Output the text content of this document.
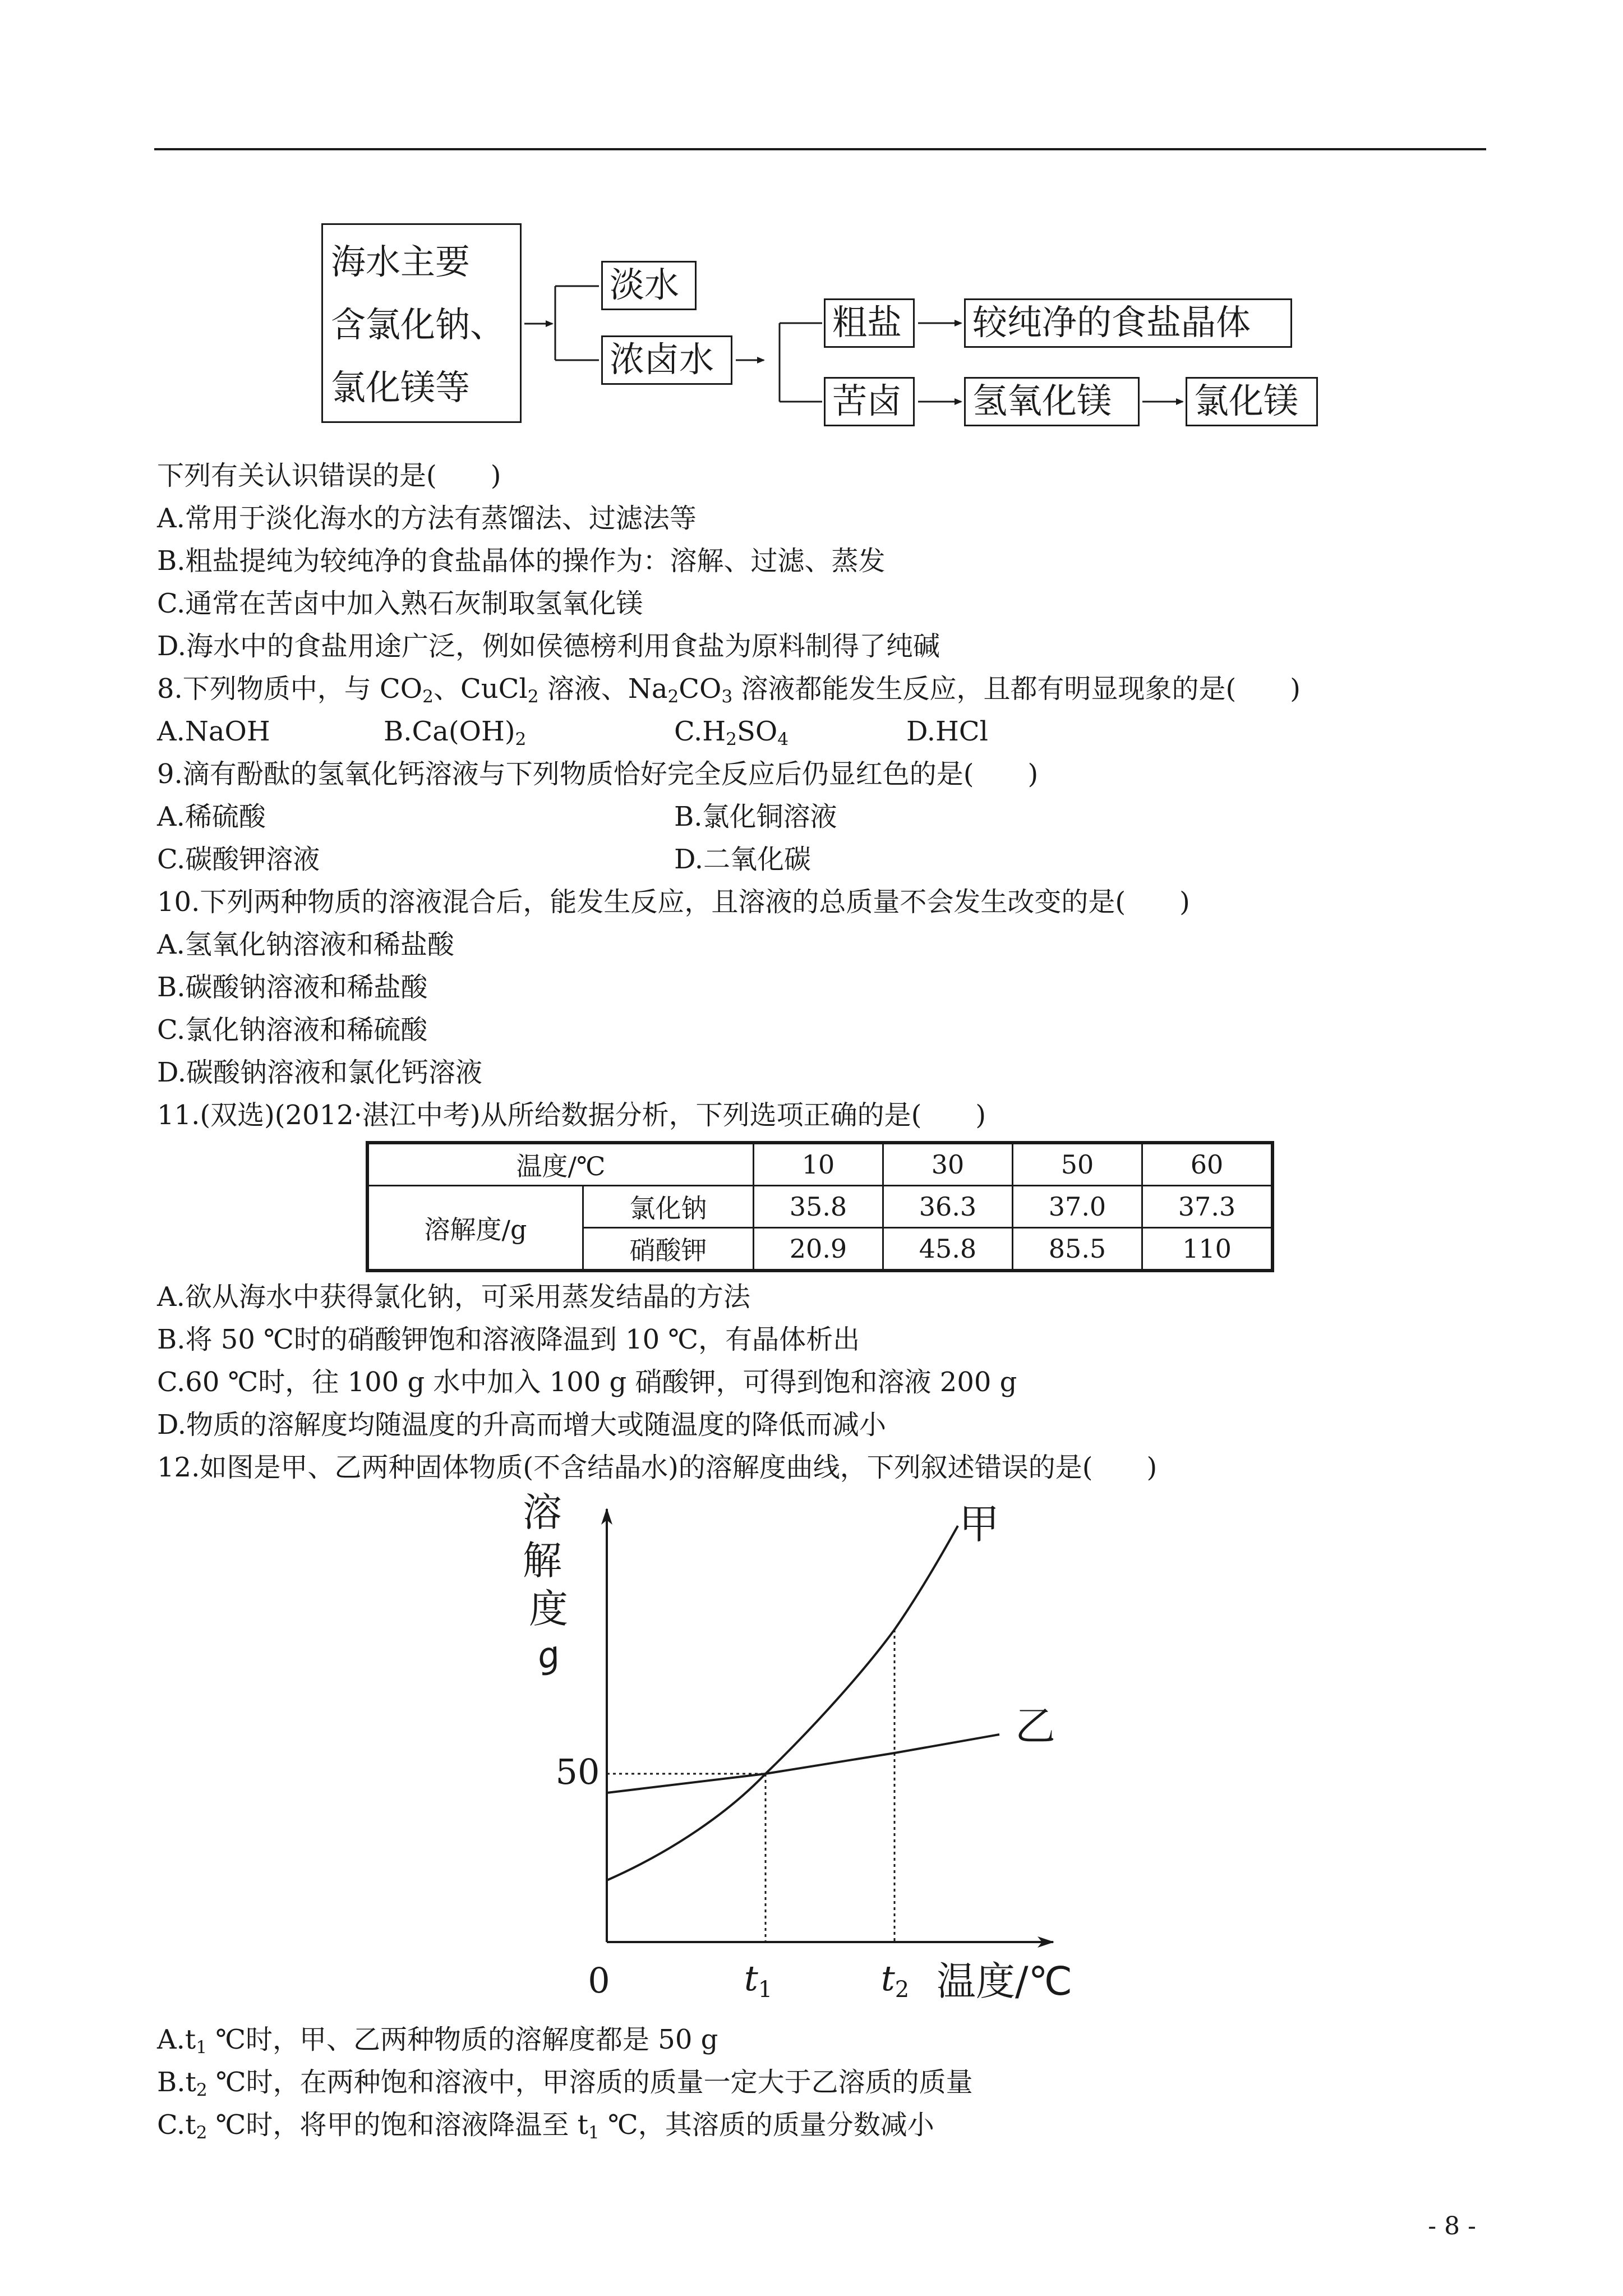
海水主要
含氯化钠、
氯化镁等
淡水
浓卤水
粗盐	较纯净的食盐晶体
苦卤	氢氧化镁	氯化镁
下列有关认识错误的是(　　)
A.常用于淡化海水的方法有蒸馏法、过滤法等
B.粗盐提纯为较纯净的食盐晶体的操作为：溶解、过滤、蒸发
C.通常在苦卤中加入熟石灰制取氢氧化镁
D.海水中的食盐用途广泛，例如侯德榜利用食盐为原料制得了纯碱
8.下列物质中，与 $CO_2$、CuCl$_2$ 溶液、$Na_2CO_3$ 溶液都能发生反应，且都有明显现象的是(　　)
A.NaOH	$B.Ca(OH)_2$	$C.H_2SO_4$	D.HCl
9.滴有酚酞的氢氧化钙溶液与下列物质恰好完全反应后仍显红色的是(　　)
A.稀硫酸	B.氯化铜溶液
C.碳酸钾溶液	D.二氧化碳
10.下列两种物质的溶液混合后，能发生反应，且溶液的总质量不会发生改变的是(　　)
A.氢氧化钠溶液和稀盐酸
B.碳酸钠溶液和稀盐酸
C.氯化钠溶液和稀硫酸
D.碳酸钠溶液和氯化钙溶液
11.(双选)(2012·湛江中考)从所给数据分析，下列选项正确的是(　　)
温度/℃		10	30	50	60
溶解度/g	氯化钠	35.8	36.3	37.0	37.3
	硝酸钾	20.9	45.8	85.5	110
A.欲从海水中获得氯化钠，可采用蒸发结晶的方法
B.将 50 ℃时的硝酸钾饱和溶液降温到 10 ℃，有晶体析出
C.60 ℃时，往 100 g 水中加入 100 g 硝酸钾，可得到饱和溶液 200 g
D.物质的溶解度均随温度的升高而增大或随温度的降低而减小
12.如图是甲、乙两种固体物质(不含结晶水)的溶解度曲线，下列叙述错误的是(　　)
溶 解 度
g
温度/℃
0
50
t1	t2
甲
乙
$A.t_1$ ℃时，甲、乙两种物质的溶解度都是 50 g
$B.t_2$ ℃时，在两种饱和溶液中，甲溶质的质量一定大于乙溶质的质量
$C.t_2$ ℃时，将甲的饱和溶液降温至 $t_1$ ℃，其溶质的质量分数减小
- 8 -
